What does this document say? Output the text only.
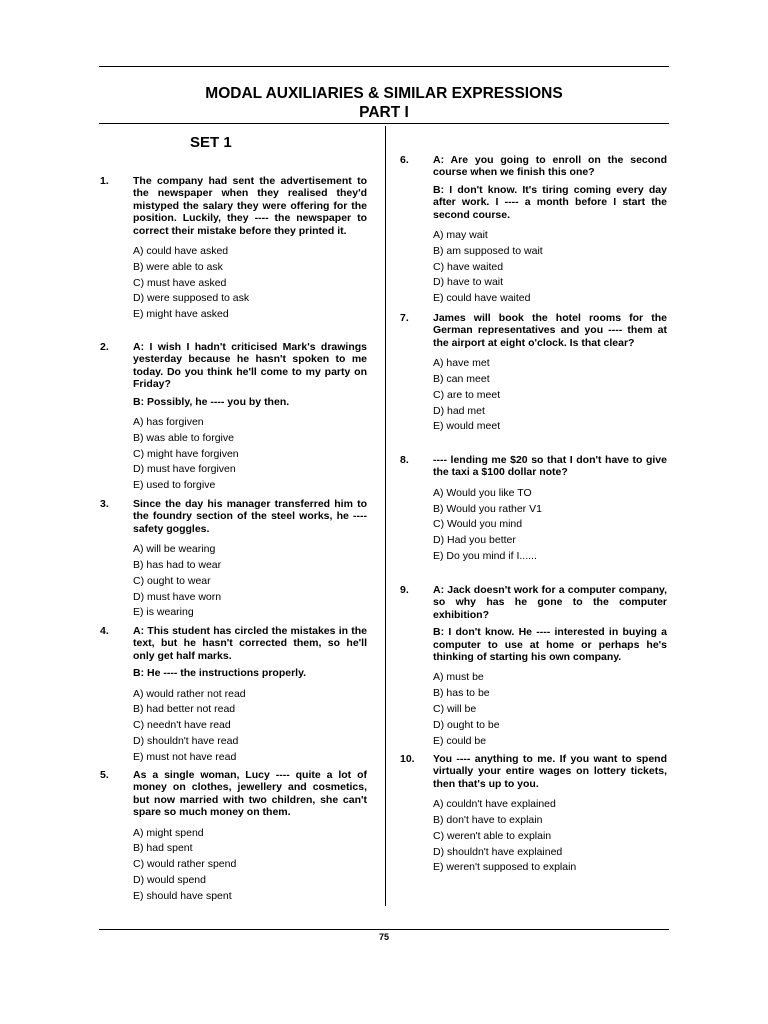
MODAL AUXILIARIES & SIMILAR EXPRESSIONS
PART I
SET 1
1. The company had sent the advertisement to the newspaper when they realised they'd mistyped the salary they were offering for the position. Luckily, they ---- the newspaper to correct their mistake before they printed it.
A) could have asked
B) were able to ask
C) must have asked
D) were supposed to ask
E) might have asked
2. A: I wish I hadn't criticised Mark's drawings yesterday because he hasn't spoken to me today. Do you think he'll come to my party on Friday?
B: Possibly, he ---- you by then.
A) has forgiven
B) was able to forgive
C) might have forgiven
D) must have forgiven
E) used to forgive
3. Since the day his manager transferred him to the foundry section of the steel works, he ---- safety goggles.
A) will be wearing
B) has had to wear
C) ought to wear
D) must have worn
E) is wearing
4. A: This student has circled the mistakes in the text, but he hasn't corrected them, so he'll only get half marks.
B: He ---- the instructions properly.
A) would rather not read
B) had better not read
C) needn't have read
D) shouldn't have read
E) must not have read
5. As a single woman, Lucy ---- quite a lot of money on clothes, jewellery and cosmetics, but now married with two children, she can't spare so much money on them.
A) might spend
B) had spent
C) would rather spend
D) would spend
E) should have spent
6. A: Are you going to enroll on the second course when we finish this one?
B: I don't know. It's tiring coming every day after work. I ---- a month before I start the second course.
A) may wait
B) am supposed to wait
C) have waited
D) have to wait
E) could have waited
7. James will book the hotel rooms for the German representatives and you ---- them at the airport at eight o'clock. Is that clear?
A) have met
B) can meet
C) are to meet
D) had met
E) would meet
8. ---- lending me $20 so that I don't have to give the taxi a $100 dollar note?
A) Would you like TO
B) Would you rather V1
C) Would you mind
D) Had you better
E) Do you mind if I......
9. A: Jack doesn't work for a computer company, so why has he gone to the computer exhibition?
B: I don't know. He ---- interested in buying a computer to use at home or perhaps he's thinking of starting his own company.
A) must be
B) has to be
C) will be
D) ought to be
E) could be
10. You ---- anything to me. If you want to spend virtually your entire wages on lottery tickets, then that's up to you.
A) couldn't have explained
B) don't have to explain
C) weren't able to explain
D) shouldn't have explained
E) weren't supposed to explain
75
